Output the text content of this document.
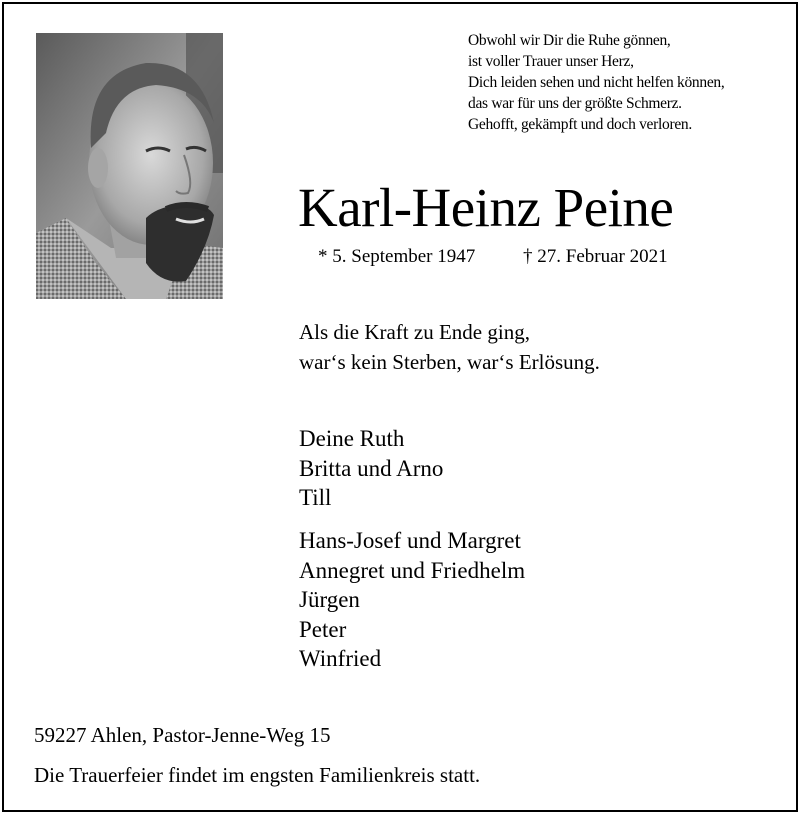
Obwohl wir Dir die Ruhe gönnen,
ist voller Trauer unser Herz,
Dich leiden sehen und nicht helfen können,
das war für uns der größte Schmerz.
Gehofft, gekämpft und doch verloren.
Karl-Heinz Peine
* 5. September 1947	† 27. Februar 2021
Als die Kraft zu Ende ging,
war‘s kein Sterben, war‘s Erlösung.
Deine Ruth
Britta und Arno
Till
Hans-Josef und Margret
Annegret und Friedhelm
Jürgen
Peter
Winfried
59227 Ahlen, Pastor-Jenne-Weg 15
Die Trauerfeier findet im engsten Familienkreis statt.
